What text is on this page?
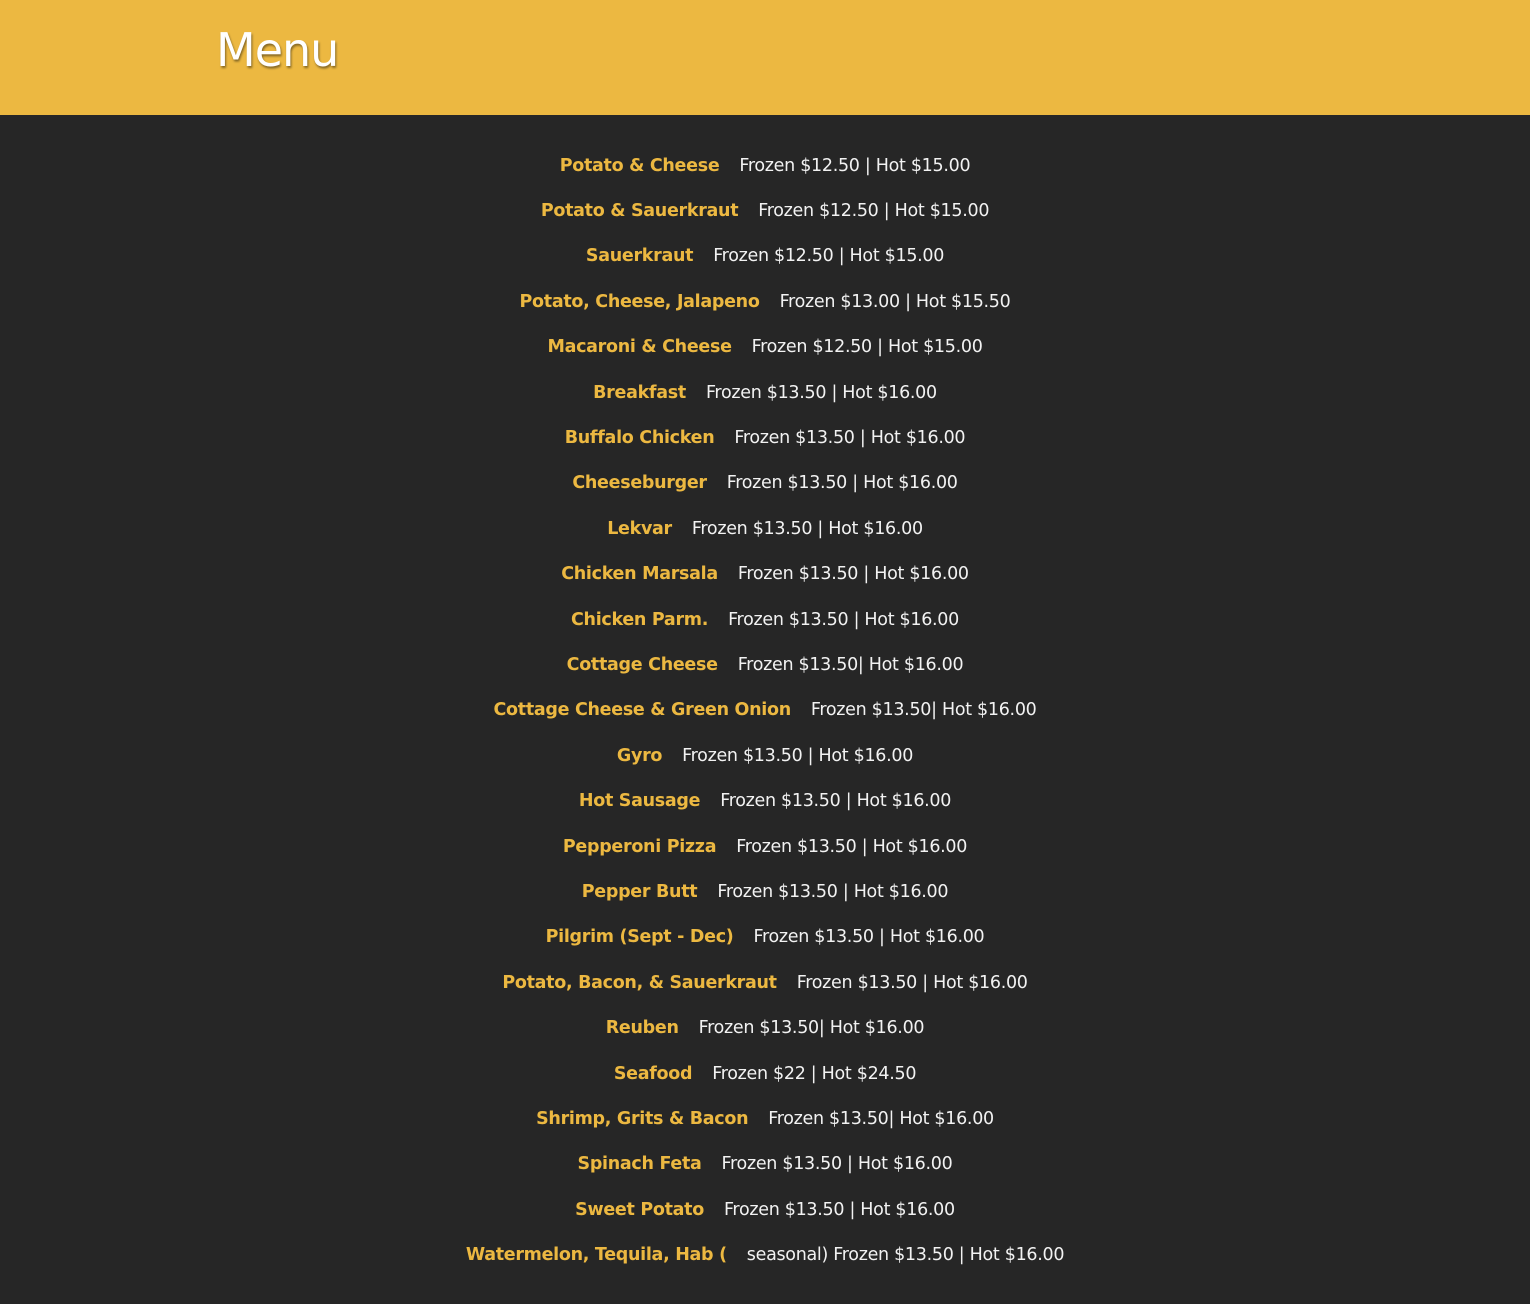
Menu
Potato & Cheese Frozen $12.50 | Hot $15.00
Potato & Sauerkraut Frozen $12.50 | Hot $15.00
Sauerkraut Frozen $12.50 | Hot $15.00
Potato, Cheese, Jalapeno Frozen $13.00 | Hot $15.50
Macaroni & Cheese Frozen $12.50 | Hot $15.00
Breakfast Frozen $13.50 | Hot $16.00
Buffalo Chicken Frozen $13.50 | Hot $16.00
Cheeseburger Frozen $13.50 | Hot $16.00
Lekvar Frozen $13.50 | Hot $16.00
Chicken Marsala Frozen $13.50 | Hot $16.00
Chicken Parm. Frozen $13.50 | Hot $16.00
Cottage Cheese Frozen $13.50| Hot $16.00
Cottage Cheese & Green Onion Frozen $13.50| Hot $16.00
Gyro Frozen $13.50 | Hot $16.00
Hot Sausage Frozen $13.50 | Hot $16.00
Pepperoni Pizza Frozen $13.50 | Hot $16.00
Pepper Butt Frozen $13.50 | Hot $16.00
Pilgrim (Sept - Dec) Frozen $13.50 | Hot $16.00
Potato, Bacon, & Sauerkraut Frozen $13.50 | Hot $16.00
Reuben Frozen $13.50| Hot $16.00
Seafood Frozen $22 | Hot $24.50
Shrimp, Grits & Bacon Frozen $13.50| Hot $16.00
Spinach Feta Frozen $13.50 | Hot $16.00
Sweet Potato Frozen $13.50 | Hot $16.00
Watermelon, Tequila, Hab ( seasonal) Frozen $13.50 | Hot $16.00
